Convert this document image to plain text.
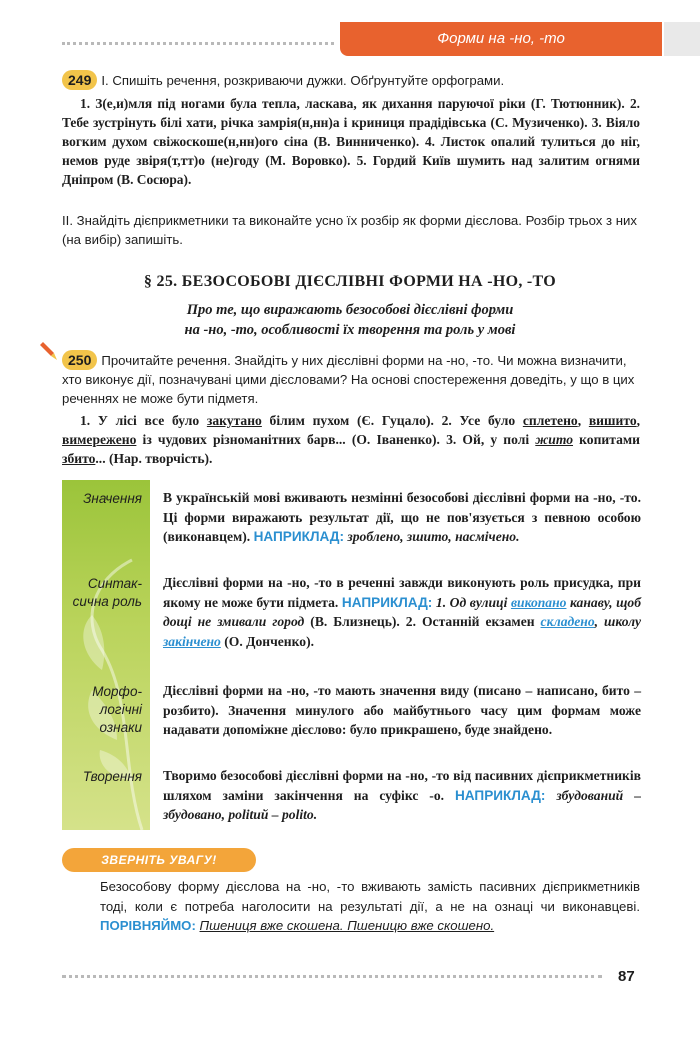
Форми на -но, -то
249 І. Спишіть речення, розкриваючи дужки. Обґрунтуйте орфограми.
1. З(е,и)мля під ногами була тепла, ласкава, як дихання паруючої ріки (Г. Тютюнник). 2. Тебе зустрінуть білі хати, річка замрія(н,нн)а і криниця прадідівська (С. Музиченко). 3. Віяло вогким духом свіжоскоше(н,нн)ого сіна (В. Винниченко). 4. Листок опалий тулиться до ніг, немов руде звіря(т,тт)о (не)году (М. Воровко). 5. Гордий Київ шумить над залитим огнями Дніпром (В. Сосюра).
ІІ. Знайдіть дієприкметники та виконайте усно їх розбір як форми дієслова. Розбір трьох з них (на вибір) запишіть.
§ 25. БЕЗОСОБОВІ ДІЄСЛІВНІ ФОРМИ НА -НО, -ТО
Про те, що виражають безособові дієслівні форми
на -но, -то, особливості їх творення та роль у мові
250 Прочитайте речення. Знайдіть у них дієслівні форми на -но, -то. Чи можна визначити, хто виконує дії, позначувані цими дієсловами? На основі спостереження доведіть, у що в цих реченнях не може бути підметя.
1. У лісі все було закутано білим пухом (Є. Гуцало). 2. Усе було сплетено, вишито, вимережено із чудових різноманітних барв... (О. Іваненко). 3. Ой, у полі жито копитами збито... (Нар. творчість).
Значення В українській мові вживають незмінні безособові дієслівні форми на -но, -то. Ці форми виражають результат дії, що не пов'язується з певною особою (виконавцем). НАПРИКЛАД: зроблено, зшито, насмічено.
Синтак-сична роль
Дієслівні форми на -но, -то в реченні завжди виконують роль присудка, при якому не може бути підмета. НАПРИКЛАД: 1. Од вулиці викопано канаву, щоб дощі не змивали город (В. Близнець). 2. Останній екзамен складено, школу закінчено (О. Донченко).
Морфо-логічні ознаки
Дієслівні форми на -но, -то мають значення виду (писано – написано, бито – розбито). Значення минулого або майбутнього часу цим формам може надавати допоміжне дієслово: було прикрашено, буде знайдено.
Творення Творимо безособові дієслівні форми на -но, -то від пасивних дієприкметників шляхом заміни закінчення на суфікс -о. НАПРИКЛАД: збудований – збудовано, politий – polito.
ЗВЕРНІТЬ УВАГУ!
Безособову форму дієслова на -но, -то вживають замість пасивних дієприкметників тоді, коли є потреба наголосити на результаті дії, а не на ознаці чи виконавцеві. ПОРІВНЯЙМО: Пшениця вже скошена. Пшеницю вже скошено.
87
